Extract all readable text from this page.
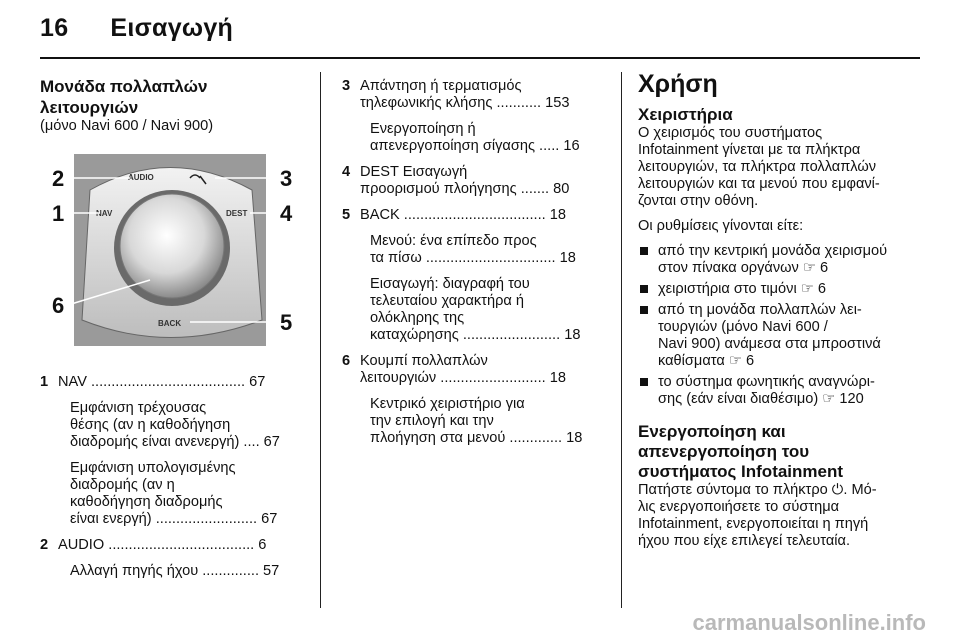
16 Εισαγωγή
Μονάδα πολλαπλών
λειτουργιών
(μόνο Navi 600 / Navi 900)
AUDIO
NAV	DEST
BACK
2
1
3
4
6
5
1 NAV ...................................... 67
Εμφάνιση τρέχουσας
θέσης (αν η καθοδήγηση
διαδρομής είναι ανενεργή) .... 67
Εμφάνιση υπολογισμένης
διαδρομής (αν η
καθοδήγηση διαδρομής
είναι ενεργή) ......................... 67
2 AUDIO .................................... 6
Αλλαγή πηγής ήχου .............. 57
3 Απάντηση ή τερματισμός
τηλεφωνικής κλήσης ........... 153
Ενεργοποίηση ή
απενεργοποίηση σίγασης ..... 16
4 DEST Εισαγωγή
προορισμού πλοήγησης ....... 80
5 BACK ................................... 18
Μενού: ένα επίπεδο προς
τα πίσω ................................ 18
Εισαγωγή: διαγραφή του
τελευταίου χαρακτήρα ή
ολόκληρης της
καταχώρησης ........................ 18
6 Κουμπί πολλαπλών
λειτουργιών .......................... 18
Κεντρικό χειριστήριο για
την επιλογή και την
πλοήγηση στα μενού ............. 18
Χρήση
Χειριστήρια
Ο χειρισμός του συστήματος
Infotainment γίνεται με τα πλήκτρα
λειτουργιών, τα πλήκτρα πολλαπλών
λειτουργιών και τα μενού που εμφανί-
ζονται στην οθόνη.
Οι ρυθμίσεις γίνονται είτε:
από την κεντρική μονάδα χειρισμού
στον πίνακα οργάνων ☞ 6
χειριστήρια στο τιμόνι ☞ 6
από τη μονάδα πολλαπλών λει-
τουργιών (μόνο Navi 600 /
Navi 900) ανάμεσα στα μπροστινά
καθίσματα ☞ 6
το σύστημα φωνητικής αναγνώρι-
σης (εάν είναι διαθέσιμο) ☞ 120
Ενεργοποίηση και
απενεργοποίηση του
συστήματος Infotainment
Πατήστε σύντομα το πλήκτρο ⏻. Μό-
λις ενεργοποιήσετε το σύστημα
Infotainment, ενεργοποιείται η πηγή
ήχου που είχε επιλεγεί τελευταία.
carmanualsonline.info
